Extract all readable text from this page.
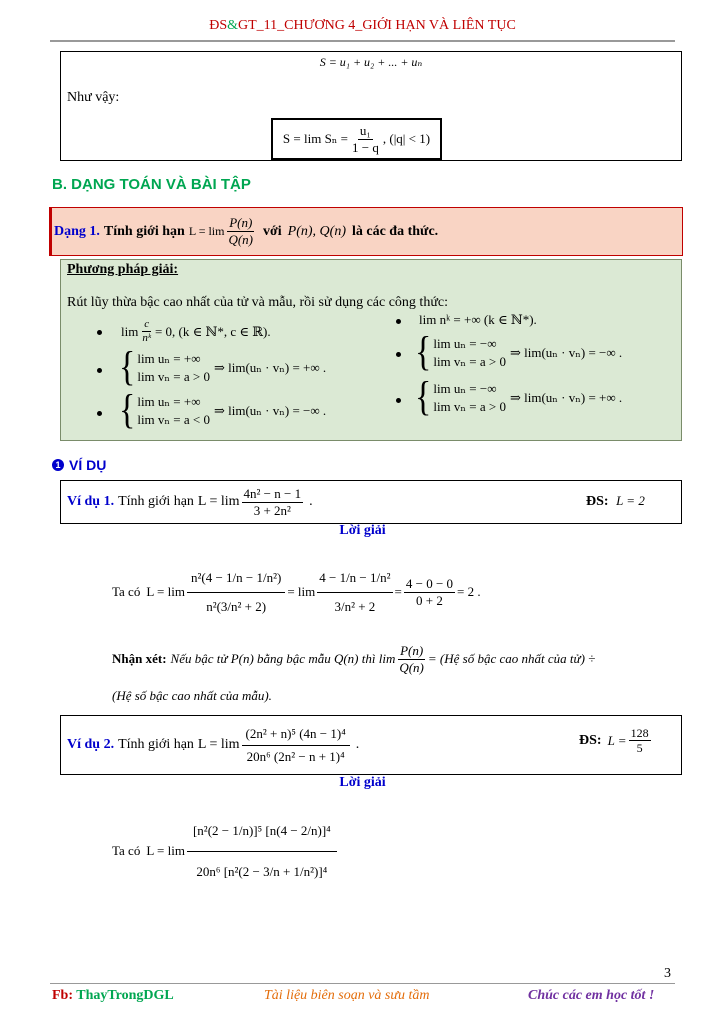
ĐS&GT_11_CHƯƠNG 4_GIỚI HẠN VÀ LIÊN TỤC
S = u₁ + u₂ + ... + uₙ
Như vậy:
$S = \lim S_n = \frac{\text{u₁}}{1 - q}$ , (|q| < 1)
B. DẠNG TOÁN VÀ BÀI TẬP
Dạng 1. Tính giới hạn $L = \lim \frac{P(n)}{Q(n)}$ với P(n), Q(n) là các đa thức.
Phương pháp giải:
Rút lũy thừa bậc cao nhất của tử và mẫu, rồi sử dụng các công thức:
$\lim \frac{c}{\text{nᵏ}} = 0$, (k ∈ ℕ*, c ∈ ℝ).
{ lim uₙ = +∞
lim vₙ = a > 0
⇒ lim(uₙ · vₙ) = +∞ .
{ lim uₙ = +∞
lim vₙ = a < 0
⇒ lim(uₙ · vₙ) = −∞ .
lim nᵏ = +∞ (k ∈ ℕ*).
{ lim uₙ = −∞
lim vₙ = a > 0
⇒ lim(uₙ · vₙ) = −∞ .
{ lim uₙ = −∞
lim vₙ = a > 0
⇒ lim(uₙ · vₙ) = +∞ .
1 VÍ DỤ
Ví dụ 1. Tính giới hạn $L = \lim \frac{\text{4n² − n − 1}}{\text{3 + 2n²}}$ .	ĐS: L = 2
Lời giải
Ta có $L = \lim \frac{\text{n²(4 − 1/n − 1/n²)}}{\text{n²(3/n² + 2)}} = \lim \frac{\text{4 − 1/n − 1/n²}}{\text{3/n² + 2}} = \frac{4 - 0 - 0}{0 + 2} = 2$ .
Nhận xét: Nếu bậc tử P(n) bằng bậc mẫu Q(n) thì $\lim \frac{P(n)}{Q(n)}$ = (Hệ số bậc cao nhất của tử) ÷
(Hệ số bậc cao nhất của mẫu).
Ví dụ 2. Tính giới hạn $L = \lim \frac{\text{(2n² + n)⁵ (4n − 1)⁴}}{\text{20n⁶ (2n² − n + 1)⁴}}$ .	ĐS: $L = \frac{128}{5}$
Lời giải
Ta có $L = \lim \frac{\text{[n²(2 − 1/n)]⁵ [n(4 − 2/n)]⁴}}{\text{20n⁶ [n²(2 − 3/n + 1/n²)]⁴}}$
3
Fb: ThayTrongDGL	Tài liệu biên soạn và sưu tầm	Chúc các em học tốt !
